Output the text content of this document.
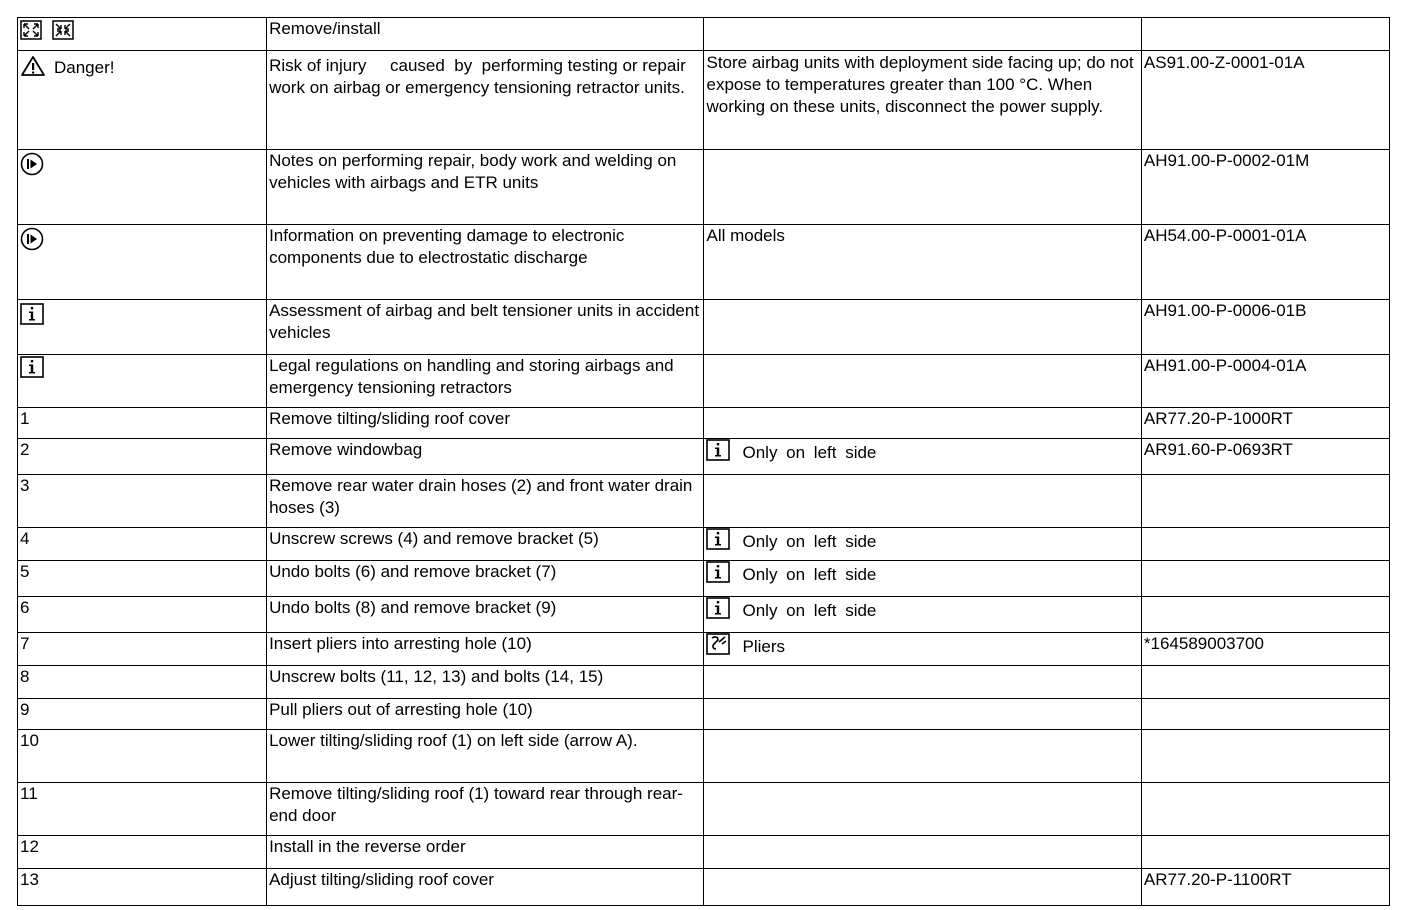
	Remove/install		

Danger!	Risk of injury     caused  by  performing testing or repair work on airbag or emergency tensioning retractor units.	Store airbag units with deployment side facing up; do not expose to temperatures greater than 100 °C. When working on these units, disconnect the power supply.	AS91.00-Z-0001-01A

Notes on performing repair, body work and welding on vehicles with airbags and ETR units		AH91.00-P-0002-01M

Information on preventing damage to electronic components due to electrostatic discharge	All models	AH54.00-P-0001-01A

Assessment of airbag and belt tensioner units in accident vehicles		AH91.00-P-0006-01B

Legal regulations on handling and storing airbags and emergency tensioning retractors		AH91.00-P-0004-01A

1	Remove tilting/sliding roof cover		AR77.20-P-1000RT
2	Remove windowbag	Only on left side	AR91.60-P-0693RT
3	Remove rear water drain hoses (2) and front water drain hoses (3)		
4	Unscrew screws (4) and remove bracket (5)	Only on left side	

5	Undo bolts (6) and remove bracket (7)	Only on left side	

6	Undo bolts (8) and remove bracket (9)	Only on left side	

7	Insert pliers into arresting hole (10)	Pliers	*164589003700
8	Unscrew bolts (11, 12, 13) and bolts (14, 15)		
9	Pull pliers out of arresting hole (10)		
10	Lower tilting/sliding roof (1) on left side (arrow A).		
11	Remove tilting/sliding roof (1) toward rear through rear-end door		
12	Install in the reverse order		
13	Adjust tilting/sliding roof cover		AR77.20-P-1100RT
